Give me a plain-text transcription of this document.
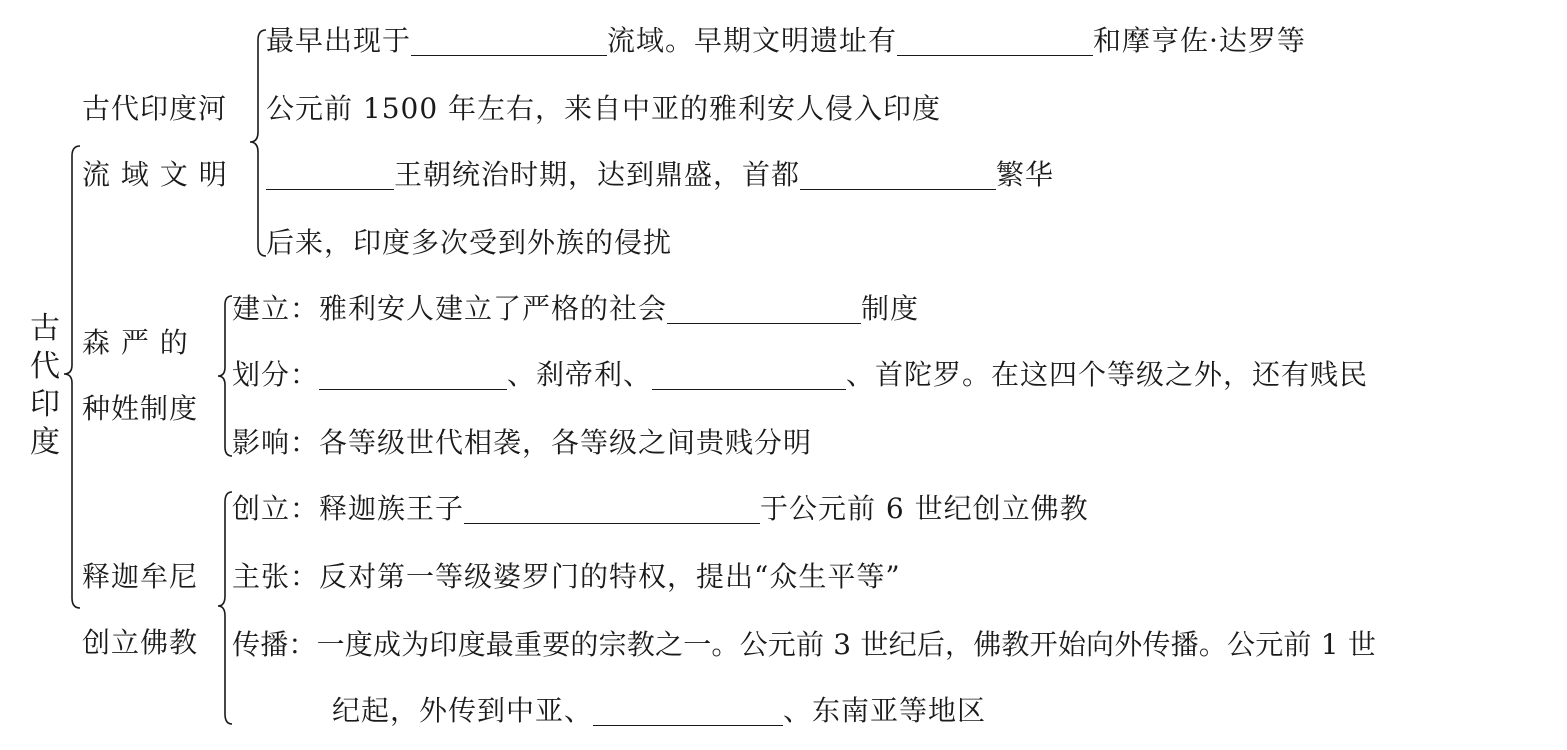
古代印度
古代印度河
流 域 文 明
最早出现于	流域。早期文明遗址有	和摩亨佐·达罗等
公元前 1500 年左右，来自中亚的雅利安人侵入印度
王朝统治时期，达到鼎盛，首都	繁华
后来，印度多次受到外族的侵扰
森 严 的
种姓制度
建立：雅利安人建立了严格的社会	制度
划分：	、刹帝利、	、首陀罗。在这四个等级之外，还有贱民
影响：各等级世代相袭，各等级之间贵贱分明
释迦牟尼
创立佛教
创立：释迦族王子	于公元前 6 世纪创立佛教
主张：反对第一等级婆罗门的特权，提出“众生平等”
传播：一度成为印度最重要的宗教之一。公元前 3 世纪后，佛教开始向外传播。公元前 1 世
纪起，外传到中亚、	、东南亚等地区
